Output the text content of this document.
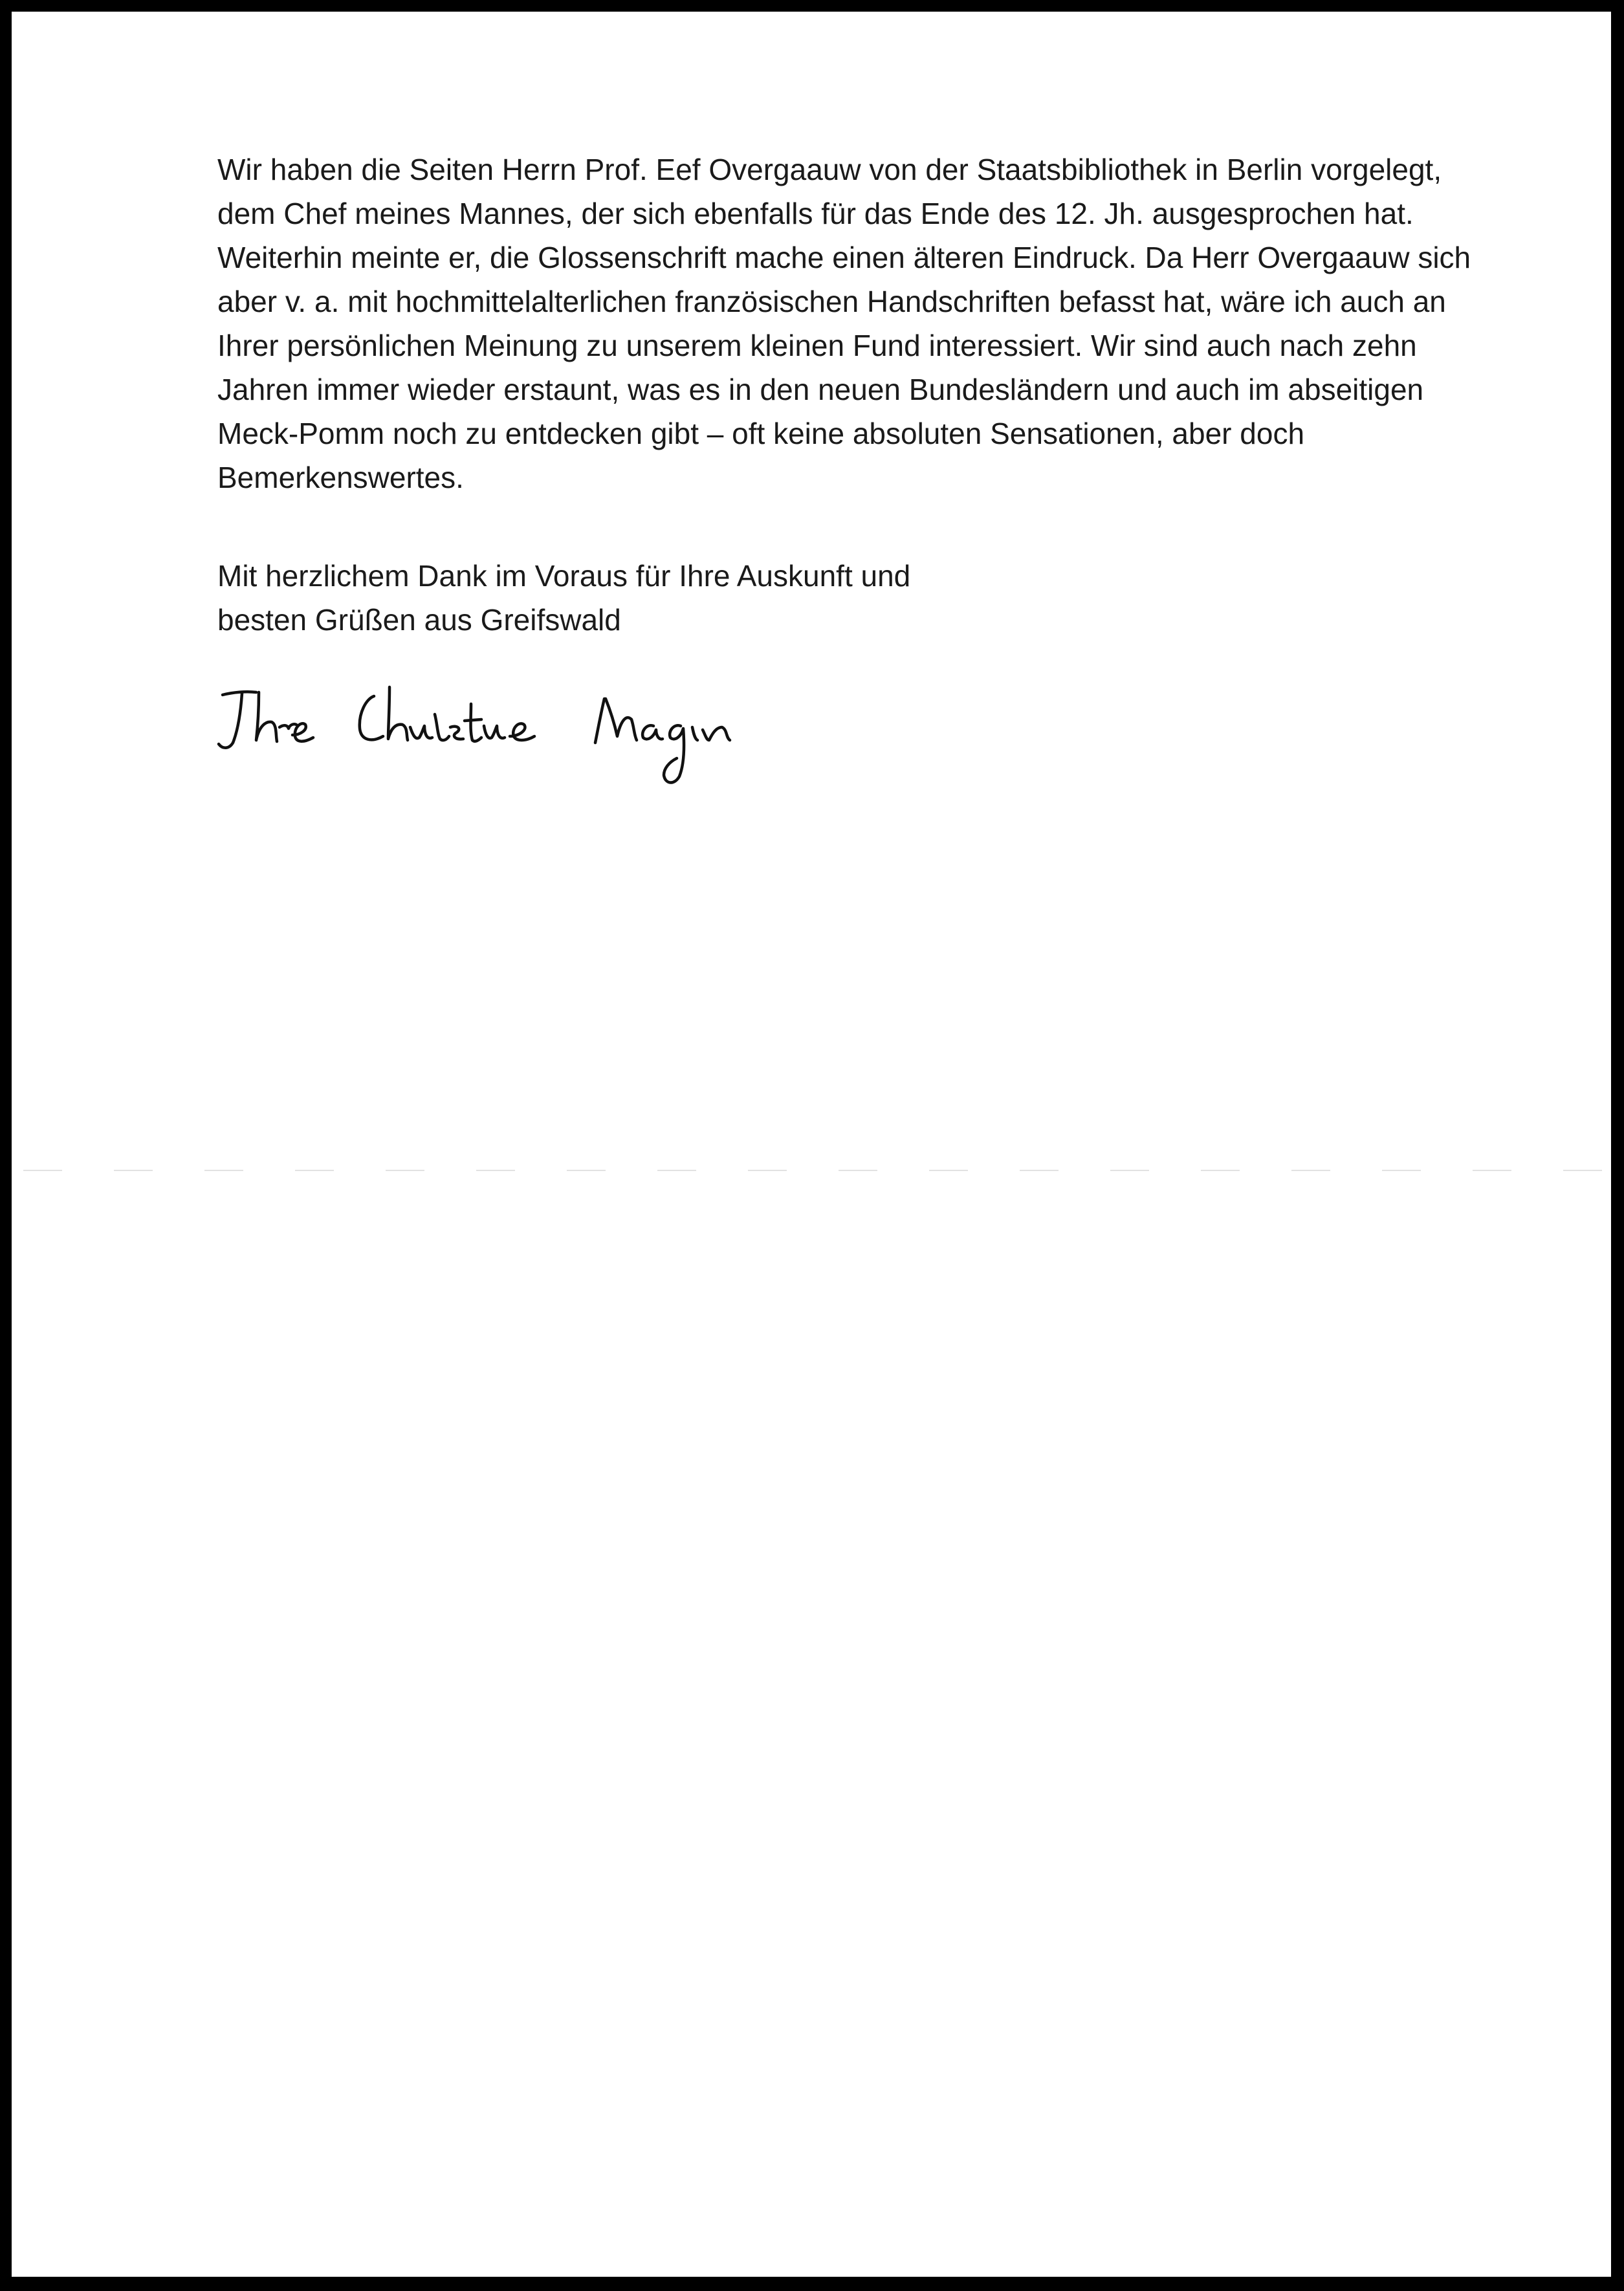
Wir haben die Seiten Herrn Prof. Eef Overgaauw von der Staatsbibliothek in Berlin vorgelegt,
dem Chef meines Mannes, der sich ebenfalls für das Ende des 12. Jh. ausgesprochen hat.
Weiterhin meinte er, die Glossenschrift mache einen älteren Eindruck. Da Herr Overgaauw sich
aber v. a. mit hochmittelalterlichen französischen Handschriften befasst hat, wäre ich auch an
Ihrer persönlichen Meinung zu unserem kleinen Fund interessiert. Wir sind auch nach zehn
Jahren immer wieder erstaunt, was es in den neuen Bundesländern und auch im abseitigen
Meck-Pomm noch zu entdecken gibt – oft keine absoluten Sensationen, aber doch
Bemerkenswertes.
Mit herzlichem Dank im Voraus für Ihre Auskunft und
besten Grüßen aus Greifswald
